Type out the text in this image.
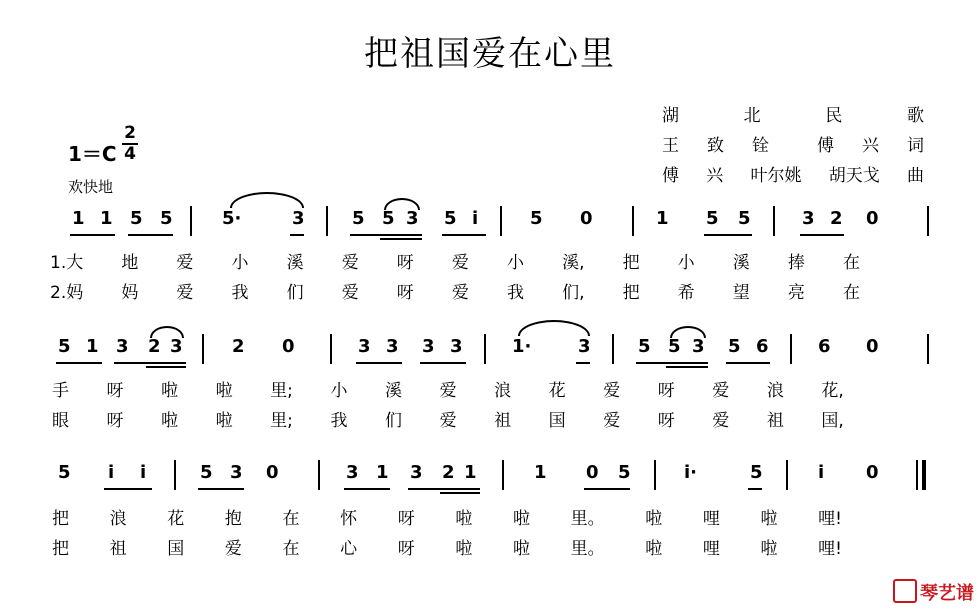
把祖国爱在心里
湖	北	民	歌
王 致 铨	傅 兴 词
傅 兴 叶尔姚 胡天戈 曲
1＝C
2
4
欢快地
1 1 5 5	5·	3	5 5 3 5 i	5 0	1 5 5	3 2 0
1.大 地 爱 小 溪 爱 呀 爱 小 溪, 把 小 溪 捧 在
2.妈 妈 爱 我 们 爱 呀 爱 我 们, 把 希 望 亮 在
5 1 3 2 3	2 0	3 3 3 3	1·	3	5 5 3 5 6	6 0
手 呀 啦 啦 里; 小 溪 爱 浪 花 爱 呀 爱 浪 花,
眼 呀 啦 啦 里; 我 们 爱 祖 国 爱 呀 爱 祖 国,
5 i i	5 3 0	3 1 3 2 1	1 0 5	i·	5	i 0
把 浪 花 抱 在 怀 呀 啦 啦 里。 啦 哩 啦 哩!
把 祖 国 爱 在 心 呀 啦 啦 里。 啦 哩 啦 哩!
琴艺谱
